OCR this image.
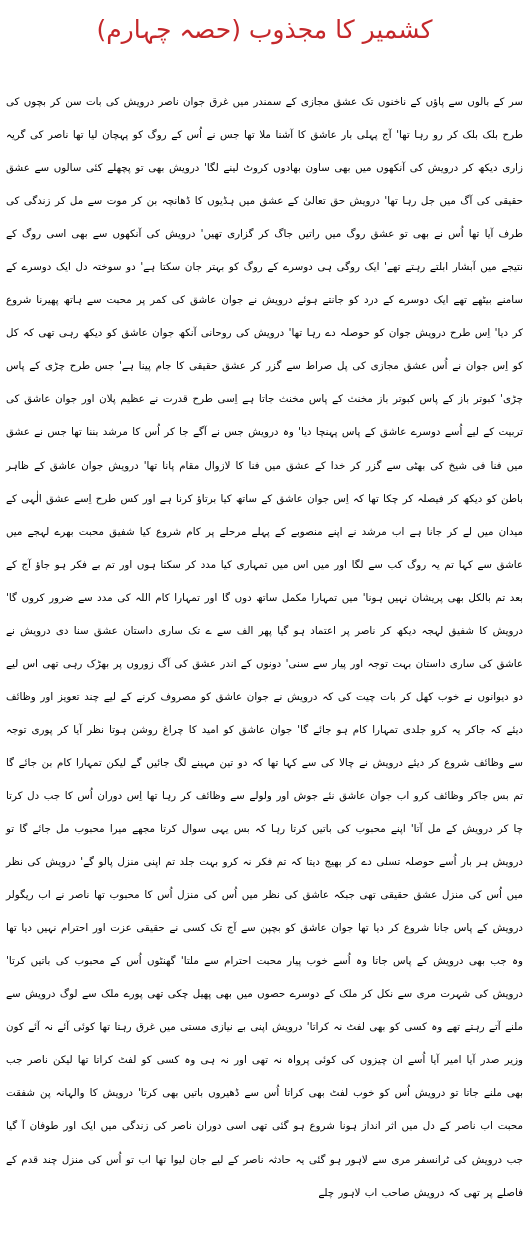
کشمیر کا مجذوب (حصہ چہارم)

سر کے بالوں سے پاؤں کے ناخنوں تک عشق مجازی کے سمندر میں غرق جوان ناصر درویش کی بات سن کر بچوں کی طرح بلک بلک کر رو رہا تھا' آج پہلی بار عاشق کا آشنا ملا تھا جس نے اُس کے روگ کو پہچان لیا تھا ناصر کی گریہ زاری دیکھ کر درویش کی آنکھوں میں بھی ساون بھادوں کروٹ لینے لگا' درویش بھی تو پچھلے کئی سالوں سے عشق حقیقی کی آگ میں جل رہا تھا' درویش حق تعالیٰ کے عشق میں ہڈیوں کا ڈھانچہ بن کر موت سے مل کر زندگی کی طرف آیا تھا اُس نے بھی تو عشق روگ میں راتیں جاگ کر گزاری تھیں' درویش کی آنکھوں سے بھی اسی روگ کے نتیجے میں آبشار ابلتے رہتے تھے' ایک روگی ہی دوسرے کے روگ کو بہتر جان سکتا ہے' دو سوختہ دل ایک دوسرے کے سامنے بیٹھے تھے ایک دوسرے کے درد کو جانتے ہوئے درویش نے جوان عاشق کی کمر پر محبت سے ہاتھ پھیرنا شروع کر دیا' اِس طرح درویش جوان کو حوصلہ دے رہا تھا' درویش کی روحانی آنکھ جوان عاشق کو دیکھ رہی تھی کہ کل کو اِس جوان نے اُس عشق مجازی کی پل صراط سے گزر کر عشق حقیقی کا جام پینا ہے' جس طرح چڑی کے پاس چڑی' کبوتر باز کے پاس کبوتر باز مخنث کے پاس مخنث جاتا ہے اِسی طرح قدرت نے عظیم پلان اور جوان عاشق کی تربیت کے لیے اُسے دوسرے عاشق کے پاس پہنچا دیا' وہ درویش جس نے آگے جا کر اُس کا مرشد بننا تھا جس نے عشق میں فنا فی شیخ کی بھٹی سے گزر کر خدا کے عشق میں فنا کا لازوال مقام پانا تھا' درویش جوان عاشق کے ظاہر باطن کو دیکھ کر فیصلہ کر چکا تھا کہ اِس جوان عاشق کے ساتھ کیا برتاؤ کرنا ہے اور کس طرح اِسے عشق الٰہی کے میدان میں لے کر جانا ہے اب مرشد نے اپنے منصوبے کے پہلے مرحلے پر کام شروع کیا شفیق محبت بھرے لہجے میں عاشق سے کہا تم یہ روگ کب سے لگا اور میں اس میں تمہاری کیا مدد کر سکتا ہوں اور تم بے فکر ہو جاؤ آج کے بعد تم بالکل بھی پریشان نہیں ہونا' میں تمہارا مکمل ساتھ دوں گا اور تمہارا کام اللہ کی مدد سے ضرور کروں گا' درویش کا شفیق لہجہ دیکھ کر ناصر پر اعتماد ہو گیا پھر الف سے ے تک ساری داستان عشق سنا دی درویش نے عاشق کی ساری داستان بہت توجہ اور پیار سے سنی' دونوں کے اندر عشق کی آگ زوروں پر بھڑک رہی تھی اس لیے دو دیوانوں نے خوب کھل کر بات چیت کی کہ درویش نے جوان عاشق کو مصروف کرنے کے لیے چند تعویز اور وظائف دیئے کہ جاکر یہ کرو جلدی تمہارا کام ہو جائے گا' جوان عاشق کو امید کا چراغ روشن ہوتا نظر آیا کر پوری توجہ سے وظائف شروع کر دیئے درویش نے چالا کی سے کہا تھا کہ دو تین مہینے لگ جائیں گے لیکن تمہارا کام بن جائے گا تم بس جاکر وظائف کرو اب جوان عاشق نئے جوش اور ولولے سے وظائف کر رہا تھا اِس دوران اُس کا جب دل کرتا چا کر درویش کے مل آتا' اپنے محبوب کی باتیں کرتا رہا کہ بس یہی سوال کرتا مجھے میرا محبوب مل جائے گا تو درویش ہر بار اُسے حوصلہ تسلی دے کر بھیج دیتا کہ تم فکر نہ کرو بہت جلد تم اپنی منزل پالو گے' درویش کی نظر میں اُس کی منزل عشق حقیقی تھی جبکہ عاشق کی نظر میں اُس کی منزل اُس کا محبوب تھا ناصر نے اب ریگولر درویش کے پاس جانا شروع کر دیا تھا جوان عاشق کو بچپن سے آج تک کسی نے حقیقی عزت اور احترام نہیں دیا تھا وہ جب بھی درویش کے پاس جاتا وہ اُسے خوب پیار محبت احترام سے ملتا' گھنٹوں اُس کے محبوب کی باتیں کرتا' درویش کی شہرت مری سے نکل کر ملک کے دوسرے حصوں میں بھی پھیل چکی تھی پورے ملک سے لوگ درویش سے ملنے آتے رہتے تھے وہ کسی کو بھی لفٹ نہ کراتا' درویش اپنی بے نیازی مستی میں غرق رہتا تھا کوئی آئے نہ آئے کون وزیر صدر آیا امیر آیا اُسے ان چیزوں کی کوئی پرواہ نہ تھی اور نہ ہی وہ کسی کو لفٹ کراتا تھا لیکن ناصر جب بھی ملنے جاتا تو درویش اُس کو خوب لفٹ بھی کراتا اُس سے ڈھیروں باتیں بھی کرتا' درویش کا والہانہ پن شفقت محبت اب ناصر کے دل میں اثر انداز ہونا شروع ہو گئی تھی اسی دوران ناصر کی زندگی میں ایک اور طوفان آ گیا جب درویش کی ٹرانسفر مری سے لاہور ہو گئی یہ حادثہ ناصر کے لیے جان لیوا تھا اب تو اُس کی منزل چند قدم کے فاصلے پر تھی کہ درویش صاحب اب لاہور چلے
